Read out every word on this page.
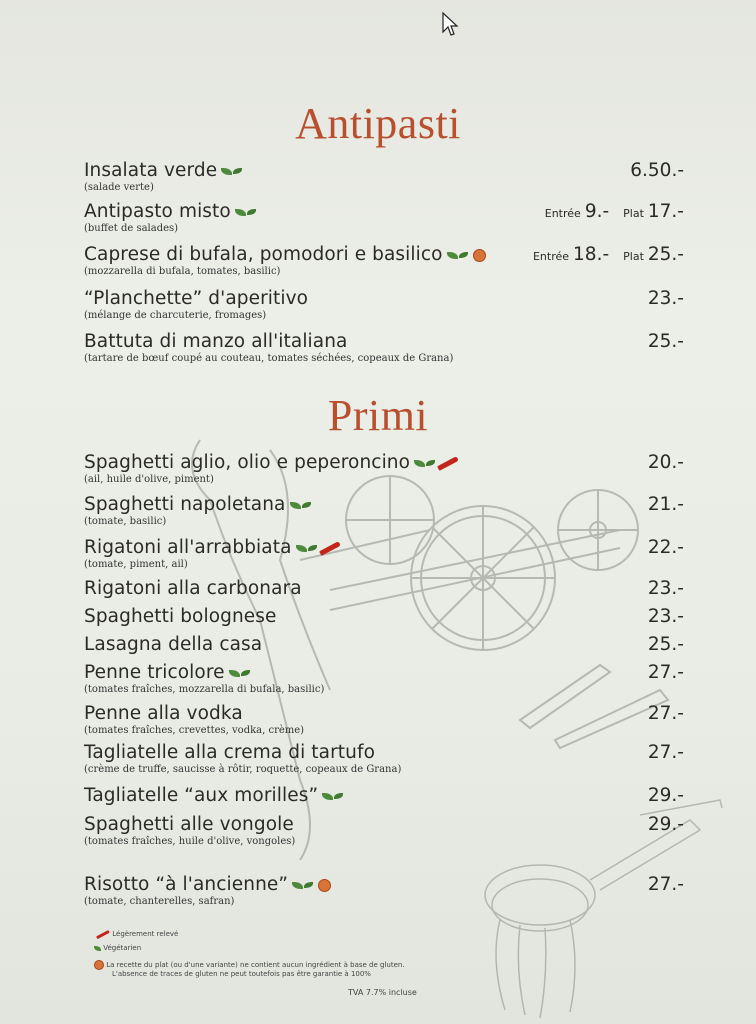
Antipasti
Insalata verde
(salade verte)
6.50.-
Antipasto misto
(buffet de salades)
Entrée 9.- Plat 17.-
Caprese di bufala, pomodori e basilico
(mozzarella di bufala, tomates, basilic)
Entrée 18.- Plat 25.-
“Planchette” d'aperitivo
(mélange de charcuterie, fromages)
23.-
Battuta di manzo all'italiana
(tartare de bœuf coupé au couteau, tomates séchées, copeaux de Grana)
25.-
Primi
Spaghetti aglio, olio e peperoncino
(ail, huile d'olive, piment)
20.-
Spaghetti napoletana
(tomate, basilic)
21.-
Rigatoni all'arrabbiata
(tomate, piment, ail)
22.-
Rigatoni alla carbonara	23.-
Spaghetti bolognese	23.-
Lasagna della casa	25.-
Penne tricolore
(tomates fraîches, mozzarella di bufala, basilic)
27.-
Penne alla vodka
(tomates fraîches, crevettes, vodka, crème)
27.-
Tagliatelle alla crema di tartufo
(crème de truffe, saucisse à rôtir, roquette, copeaux de Grana)
27.-
Tagliatelle “aux morilles”	29.-
Spaghetti alle vongole
(tomates fraîches, huile d'olive, vongoles)
29.-
Risotto “à l'ancienne”
(tomate, chanterelles, safran)
27.-
Légèrement relevé
Végétarien
La recette du plat (ou d'une variante) ne contient aucun ingrédient à base de gluten.
L'absence de traces de gluten ne peut toutefois pas être garantie à 100%
TVA 7.7% incluse
